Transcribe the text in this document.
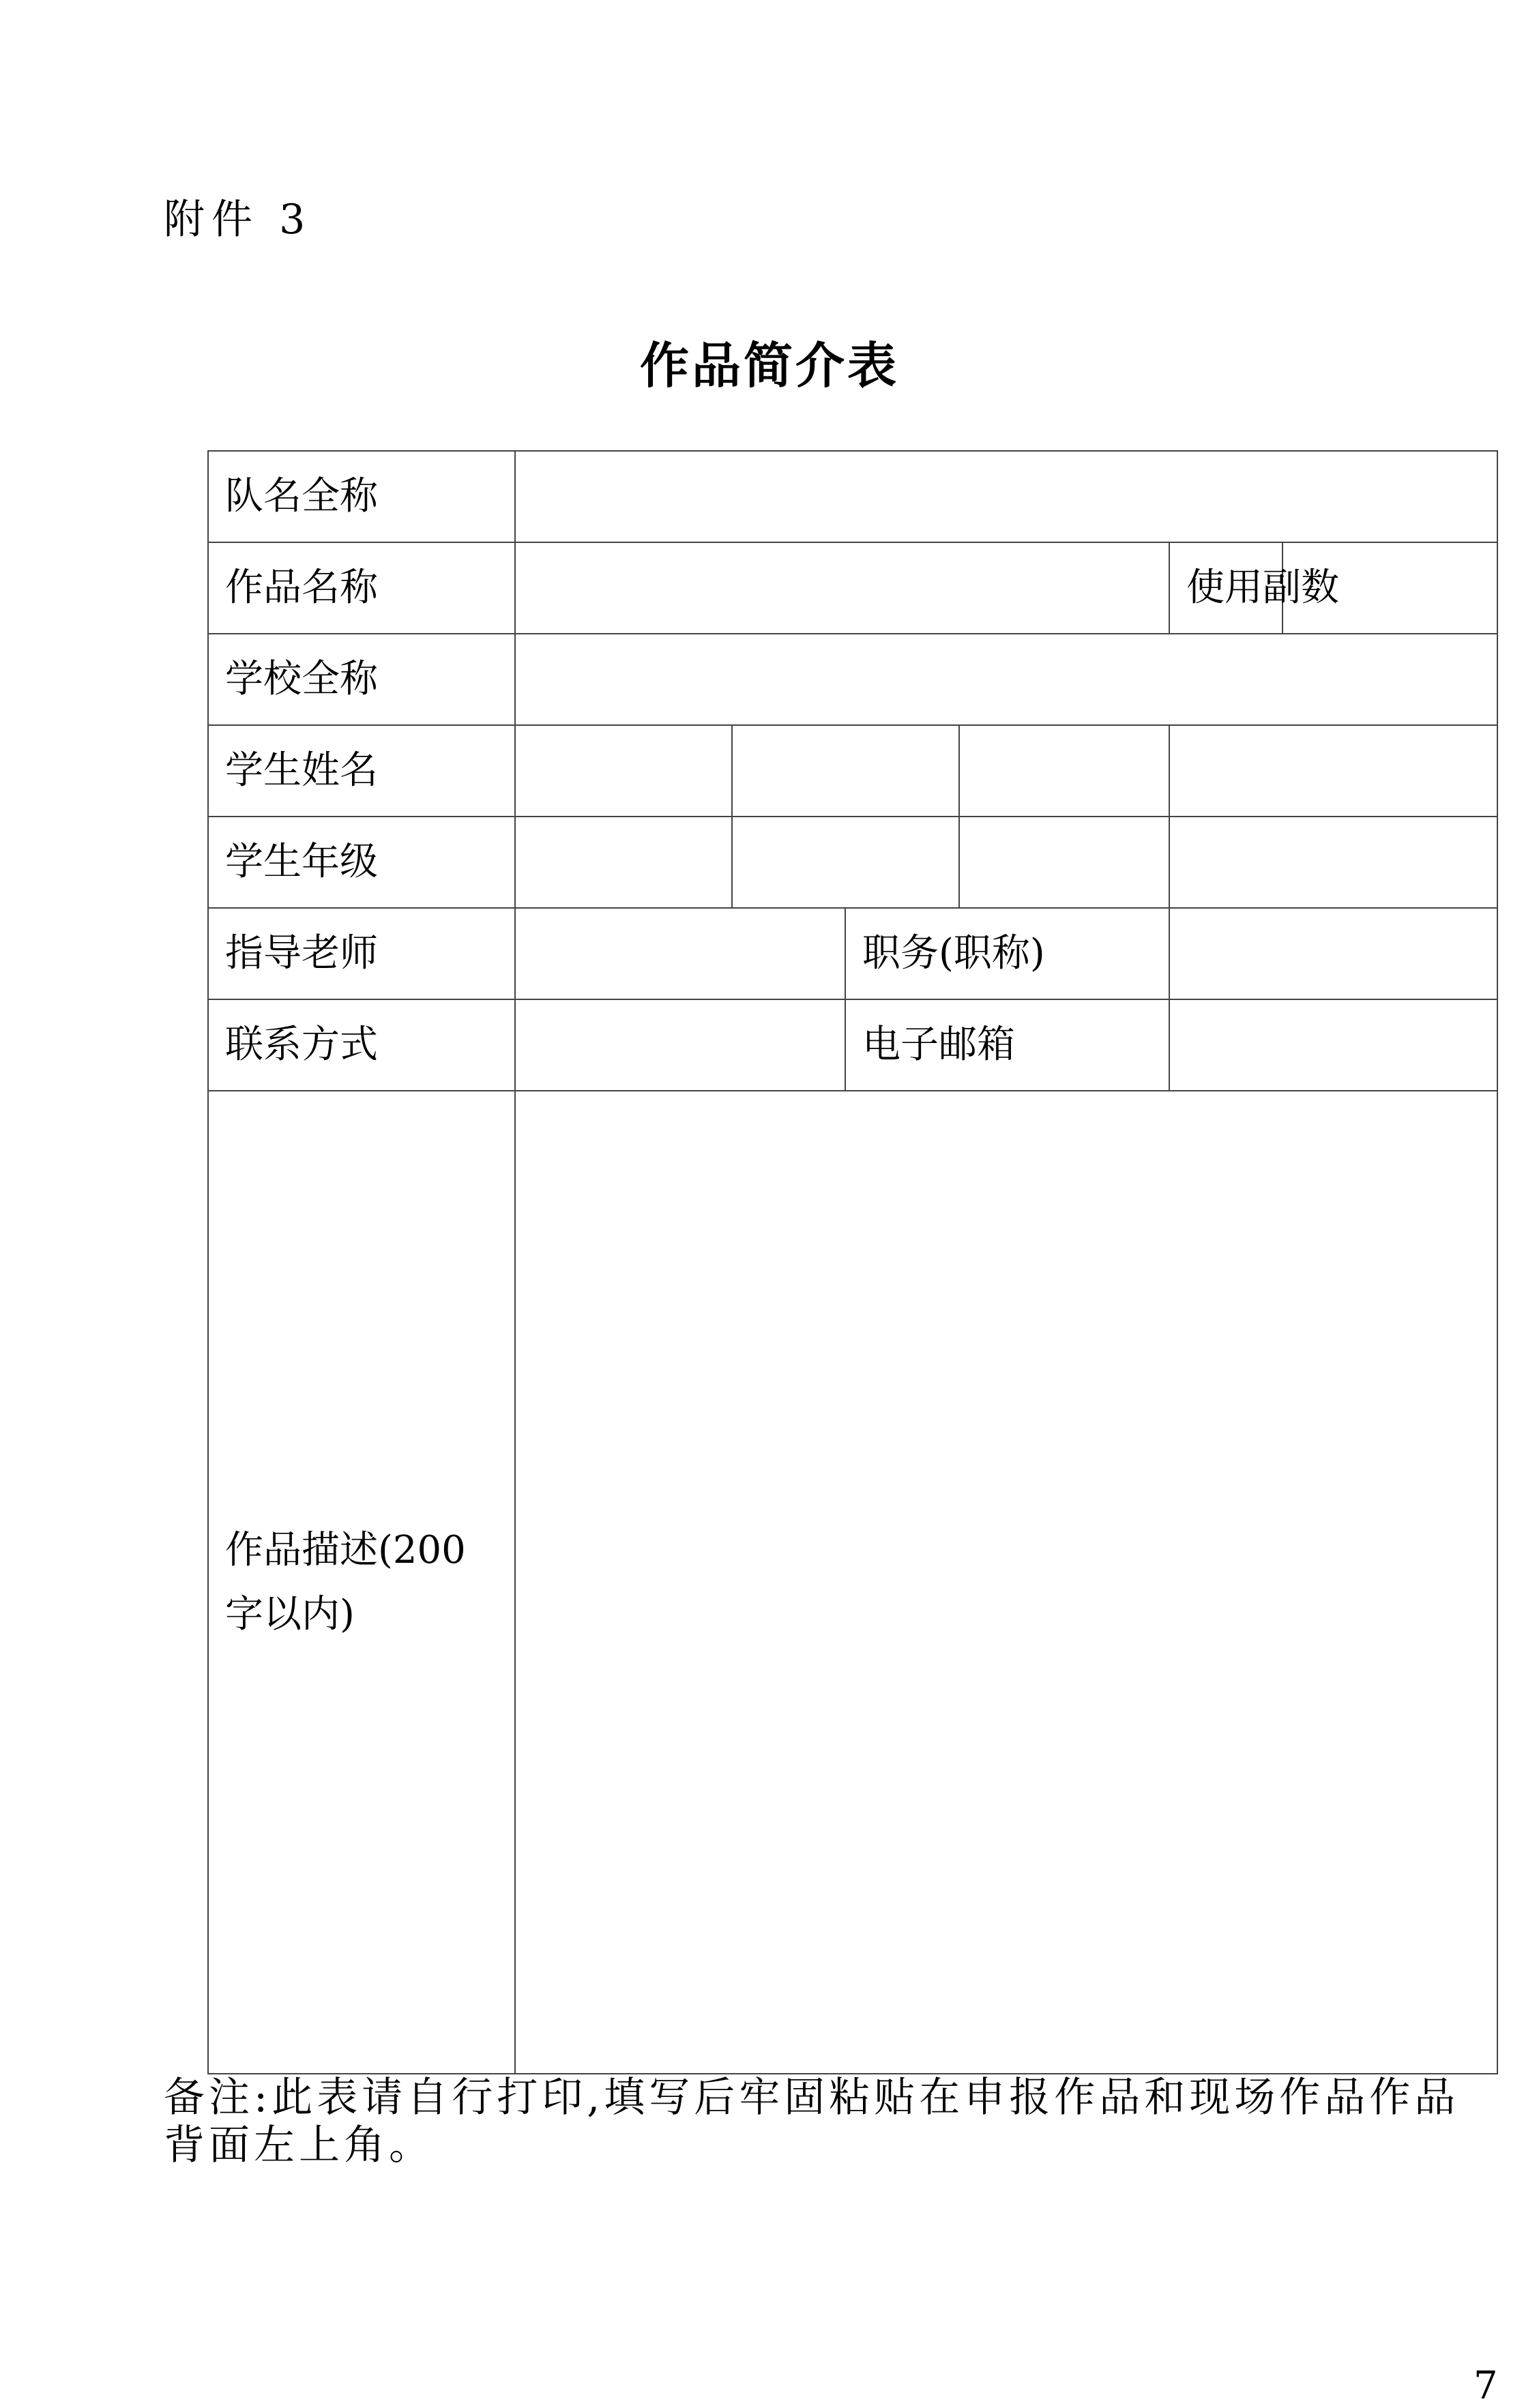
附件 3
作品简介表
队名全称						
作品名称					使用副数	
学校全称						
学生姓名						
学生年级						
指导老师			职务(职称)			
联系方式			电子邮箱			
作品描述(200 字以内)						
备注:此表请自行打印,填写后牢固粘贴在申报作品和现场作品作品
背面左上角。
7
